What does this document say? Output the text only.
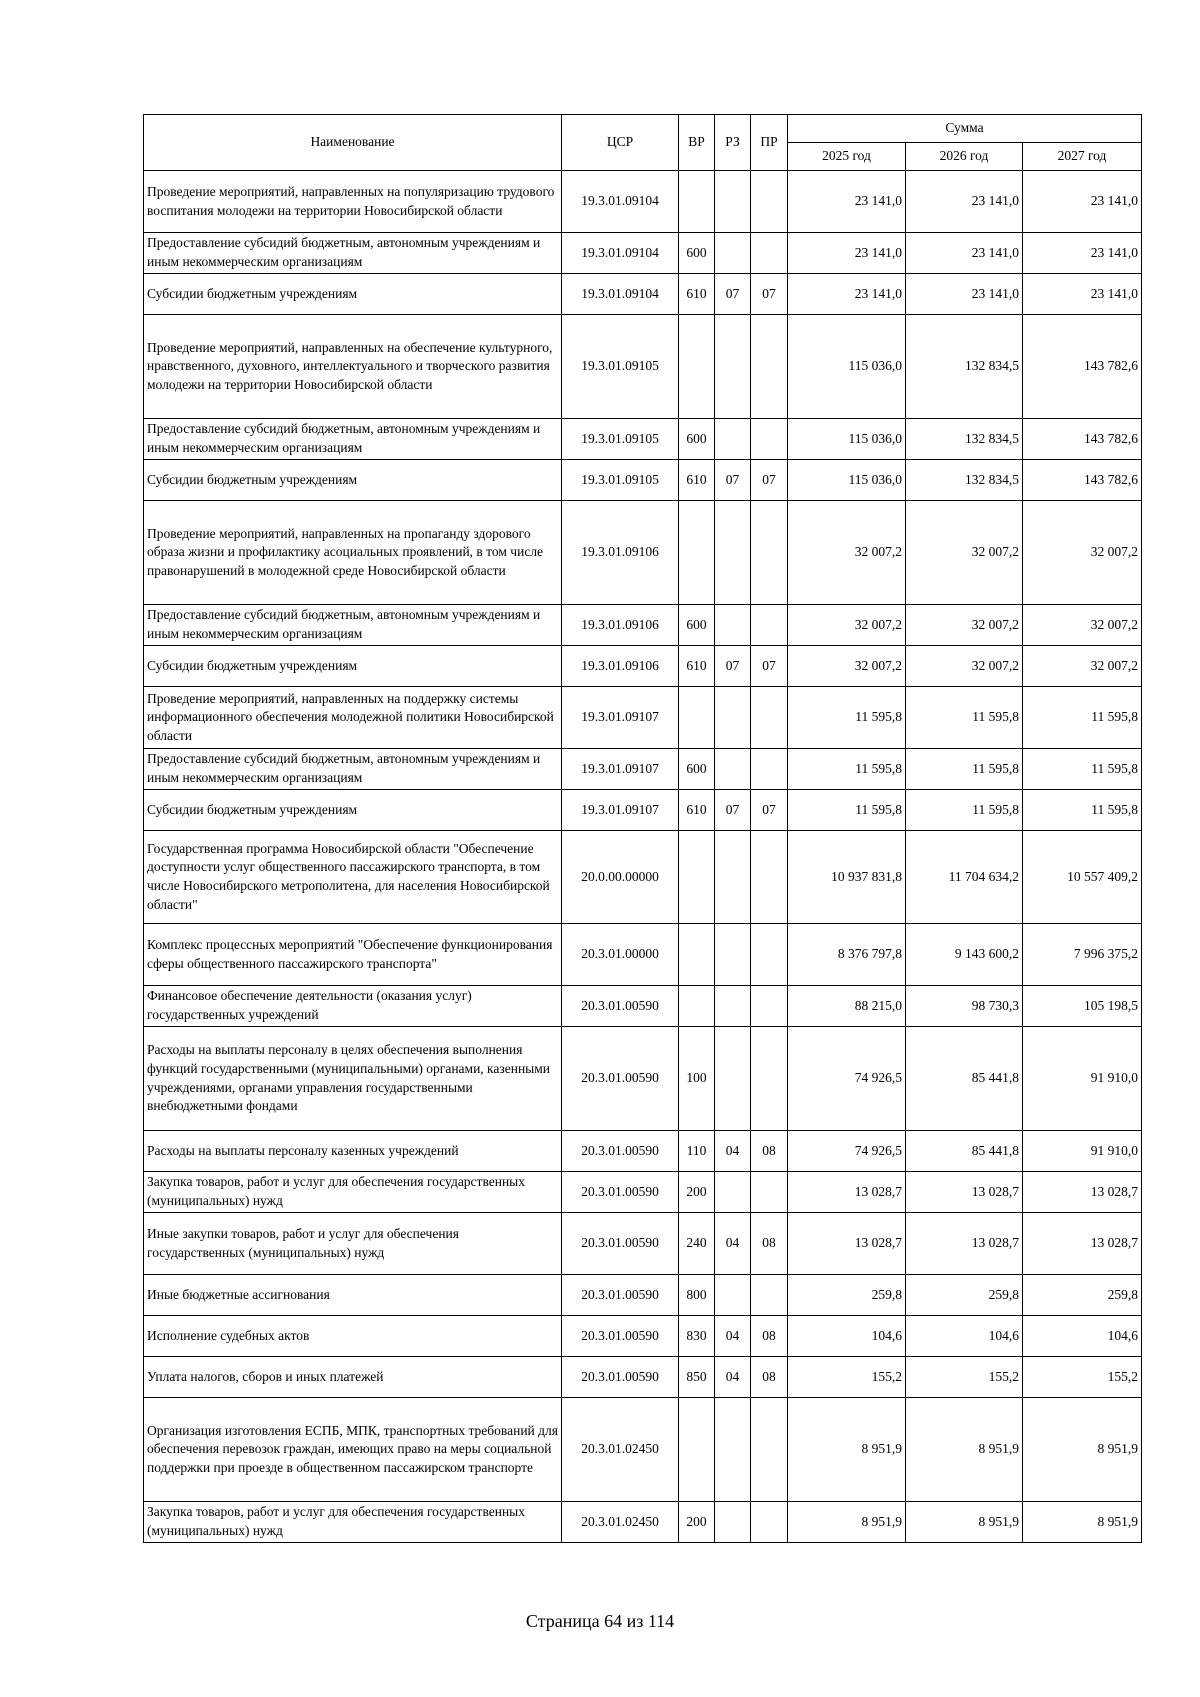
Наименование	ЦСР	ВР	РЗ	ПР	Сумма		
					2025 год	2026 год	2027 год
Проведение мероприятий, направленных на популяризацию трудового воспитания молодежи на территории Новосибирской области	19.3.01.09104				23 141,0	23 141,0	23 141,0
Предоставление субсидий бюджетным, автономным учреждениям и иным некоммерческим организациям	19.3.01.09104	600			23 141,0	23 141,0	23 141,0
Субсидии бюджетным учреждениям	19.3.01.09104	610	07	07	23 141,0	23 141,0	23 141,0
Проведение мероприятий, направленных на обеспечение культурного, нравственного, духовного, интеллектуального и творческого развития молодежи на территории Новосибирской области	19.3.01.09105				115 036,0	132 834,5	143 782,6
Предоставление субсидий бюджетным, автономным учреждениям и иным некоммерческим организациям	19.3.01.09105	600			115 036,0	132 834,5	143 782,6
Субсидии бюджетным учреждениям	19.3.01.09105	610	07	07	115 036,0	132 834,5	143 782,6
Проведение мероприятий, направленных на пропаганду здорового образа жизни и профилактику асоциальных проявлений, в том числе правонарушений в молодежной среде Новосибирской области	19.3.01.09106				32 007,2	32 007,2	32 007,2
Предоставление субсидий бюджетным, автономным учреждениям и иным некоммерческим организациям	19.3.01.09106	600			32 007,2	32 007,2	32 007,2
Субсидии бюджетным учреждениям	19.3.01.09106	610	07	07	32 007,2	32 007,2	32 007,2
Проведение мероприятий, направленных на поддержку системы информационного обеспечения молодежной политики Новосибирской области	19.3.01.09107				11 595,8	11 595,8	11 595,8
Предоставление субсидий бюджетным, автономным учреждениям и иным некоммерческим организациям	19.3.01.09107	600			11 595,8	11 595,8	11 595,8
Субсидии бюджетным учреждениям	19.3.01.09107	610	07	07	11 595,8	11 595,8	11 595,8
Государственная программа Новосибирской области "Обеспечение доступности услуг общественного пассажирского транспорта, в том числе Новосибирского метрополитена, для населения Новосибирской области"	20.0.00.00000				10 937 831,8	11 704 634,2	10 557 409,2
Комплекс процессных мероприятий "Обеспечение функционирования сферы общественного пассажирского транспорта"	20.3.01.00000				8 376 797,8	9 143 600,2	7 996 375,2
Финансовое обеспечение деятельности (оказания услуг) государственных учреждений	20.3.01.00590				88 215,0	98 730,3	105 198,5
Расходы на выплаты персоналу в целях обеспечения выполнения функций государственными (муниципальными) органами, казенными учреждениями, органами управления государственными внебюджетными фондами	20.3.01.00590	100			74 926,5	85 441,8	91 910,0
Расходы на выплаты персоналу казенных учреждений	20.3.01.00590	110	04	08	74 926,5	85 441,8	91 910,0
Закупка товаров, работ и услуг для обеспечения государственных (муниципальных) нужд	20.3.01.00590	200			13 028,7	13 028,7	13 028,7
Иные закупки товаров, работ и услуг для обеспечения государственных (муниципальных) нужд	20.3.01.00590	240	04	08	13 028,7	13 028,7	13 028,7
Иные бюджетные ассигнования	20.3.01.00590	800			259,8	259,8	259,8
Исполнение судебных актов	20.3.01.00590	830	04	08	104,6	104,6	104,6
Уплата налогов, сборов и иных платежей	20.3.01.00590	850	04	08	155,2	155,2	155,2
Организация изготовления ЕСПБ, МПК, транспортных требований для обеспечения перевозок граждан, имеющих право на меры социальной поддержки при проезде в общественном пассажирском транспорте	20.3.01.02450				8 951,9	8 951,9	8 951,9
Закупка товаров, работ и услуг для обеспечения государственных (муниципальных) нужд	20.3.01.02450	200			8 951,9	8 951,9	8 951,9
Страница 64 из 114
